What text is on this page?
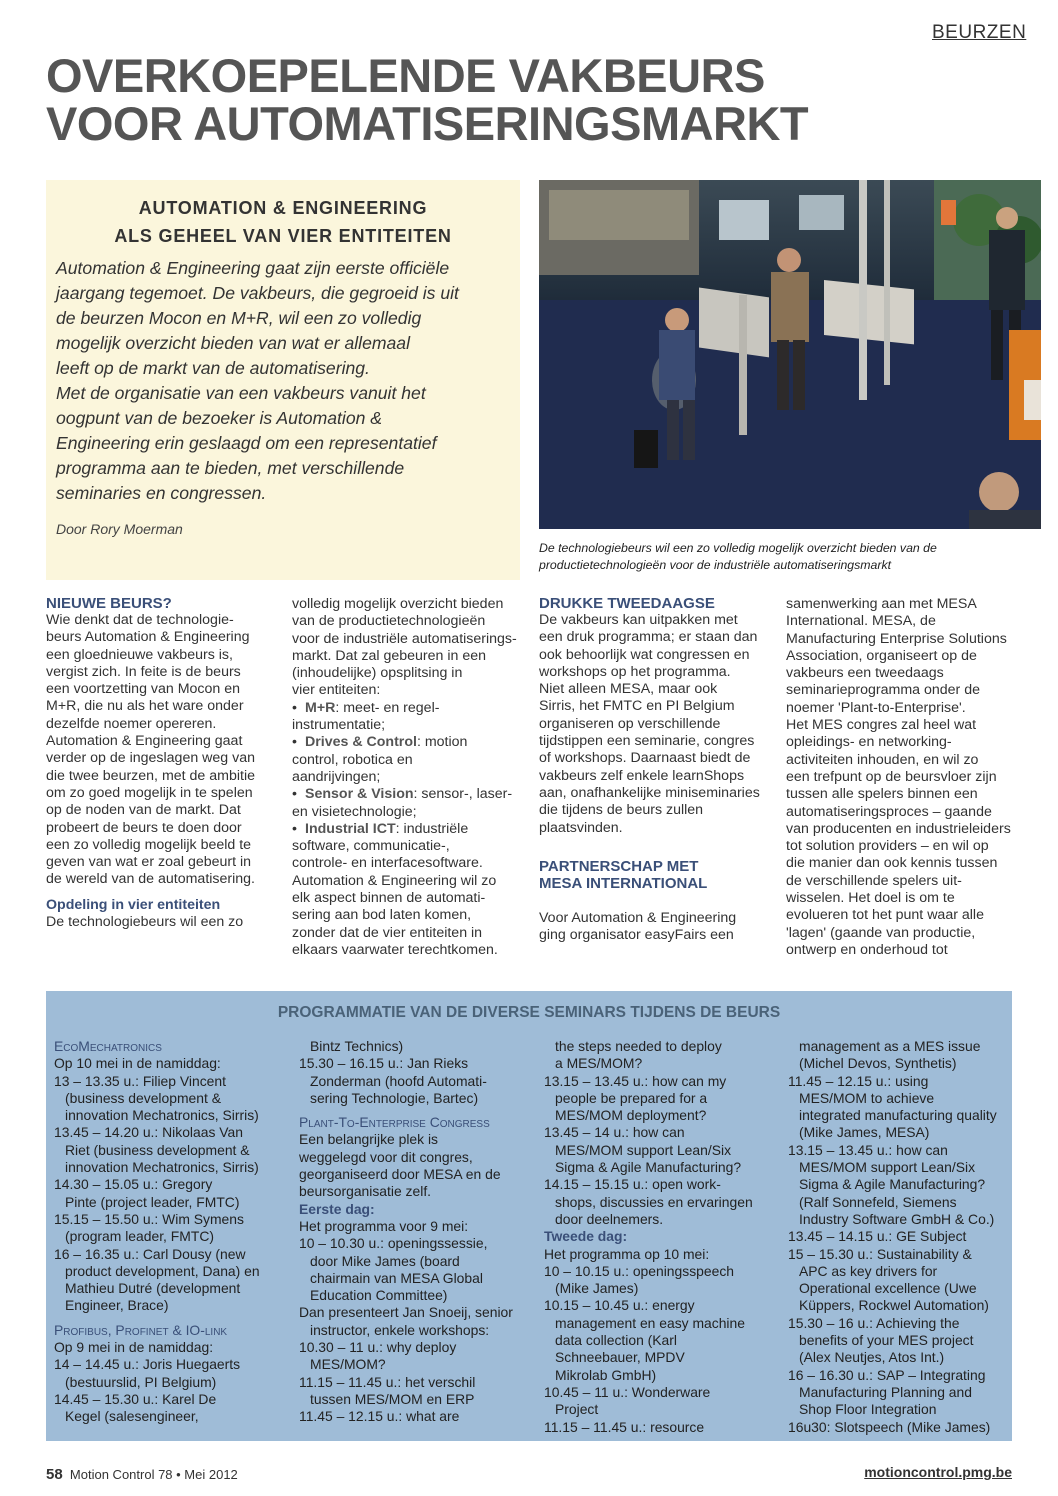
BEURZEN
OVERKOEPELENDE VAKBEURS
VOOR AUTOMATISERINGSMARKT
AUTOMATION & ENGINEERING
ALS GEHEEL VAN VIER ENTITEITEN

Automation & Engineering gaat zijn eerste officiële

jaargang tegemoet. De vakbeurs, die gegroeid is uit

de beurzen Mocon en M+R, wil een zo volledig

mogelijk overzicht bieden van wat er allemaal

leeft op de markt van de automatisering.

Met de organisatie van een vakbeurs vanuit het

oogpunt van de bezoeker is Automation &

Engineering erin geslaagd om een representatief

programma aan te bieden, met verschillende

seminaries en congressen.

Door Rory Moerman
De technologiebeurs wil een zo volledig mogelijk overzicht bieden van de
productietechnologieën voor de industriële automatiseringsmarkt

NIEUWE BEURS?

Wie denkt dat de technologie-

beurs Automation & Engineering

een gloednieuwe vakbeurs is,

vergist zich. In feite is de beurs

een voortzetting van Mocon en

M+R, die nu als het ware onder

dezelfde noemer opereren.

Automation & Engineering gaat

verder op de ingeslagen weg van

die twee beurzen, met de ambitie

om zo goed mogelijk in te spelen

op de noden van de markt. Dat

probeert de beurs te doen door

een zo volledig mogelijk beeld te

geven van wat er zoal gebeurt in

de wereld van de automatisering.

Opdeling in vier entiteiten

De technologiebeurs wil een zo

volledig mogelijk overzicht bieden

van de productietechnologieën

voor de industriële automatiserings-

markt. Dat zal gebeuren in een

(inhoudelijke) opsplitsing in

vier entiteiten:

• M+R: meet- en regel-
instrumentatie;
• Drives & Control: motion
control, robotica en
aandrijvingen;
• Sensor & Vision: sensor-, laser-
en visietechnologie;
• Industrial ICT: industriële
software, communicatie-,
controle- en interfacesoftware.

Automation & Engineering wil zo

elk aspect binnen de automati-

sering aan bod laten komen,

zonder dat de vier entiteiten in

elkaars vaarwater terechtkomen.

DRUKKE TWEEDAAGSE

De vakbeurs kan uitpakken met

een druk programma; er staan dan

ook behoorlijk wat congressen en

workshops op het programma.

Niet alleen MESA, maar ook

Sirris, het FMTC en PI Belgium

organiseren op verschillende

tijdstippen een seminarie, congres

of workshops. Daarnaast biedt de

vakbeurs zelf enkele learnShops

aan, onafhankelijke miniseminaries

die tijdens de beurs zullen

plaatsvinden.

PARTNERSCHAP MET
MESA INTERNATIONAL

Voor Automation & Engineering

ging organisator easyFairs een

samenwerking aan met MESA

International. MESA, de

Manufacturing Enterprise Solutions

Association, organiseert op de

vakbeurs een tweedaags

seminarieprogramma onder de

noemer 'Plant-to-Enterprise'.

Het MES congres zal heel wat

opleidings- en networking-

activiteiten inhouden, en wil zo

een trefpunt op de beursvloer zijn

tussen alle spelers binnen een

automatiseringsproces – gaande

van producenten en industrieleiders

tot solution providers – en wil op

die manier dan ook kennis tussen

de verschillende spelers uit-

wisselen. Het doel is om te

evolueren tot het punt waar alle

'lagen' (gaande van productie,

ontwerp en onderhoud tot

PROGRAMMATIE VAN DE DIVERSE SEMINARS TIJDENS DE BEURS

EcoMechatronics

Op 10 mei in de namiddag:

13 – 13.35 u.: Filiep Vincent

(business development &

innovation Mechatronics, Sirris)

13.45 – 14.20 u.: Nikolaas Van

Riet (business development &

innovation Mechatronics, Sirris)

14.30 – 15.05 u.: Gregory

Pinte (project leader, FMTC)

15.15 – 15.50 u.: Wim Symens

(program leader, FMTC)

16 – 16.35 u.: Carl Dousy (new

product development, Dana) en

Mathieu Dutré (development

Engineer, Brace)

Profibus, Profinet & IO-link

Op 9 mei in de namiddag:

14 – 14.45 u.: Joris Huegaerts

(bestuurslid, PI Belgium)

14.45 – 15.30 u.: Karel De

Kegel (salesengineer,

Bintz Technics)

15.30 – 16.15 u.: Jan Rieks

Zonderman (hoofd Automati-

sering Technologie, Bartec)

Plant-To-Enterprise Congress

Een belangrijke plek is

weggelegd voor dit congres,

georganiseerd door MESA en de

beursorganisatie zelf.

Eerste dag:

Het programma voor 9 mei:

10 – 10.30 u.: openingssessie,

door Mike James (board

chairmain van MESA Global

Education Committee)

Dan presenteert Jan Snoeij, senior

instructor, enkele workshops:

10.30 – 11 u.: why deploy

MES/MOM?

11.15 – 11.45 u.: het verschil

tussen MES/MOM en ERP

11.45 – 12.15 u.: what are

the steps needed to deploy

a MES/MOM?

13.15 – 13.45 u.: how can my

people be prepared for a

MES/MOM deployment?

13.45 – 14 u.: how can

MES/MOM support Lean/Six

Sigma & Agile Manufacturing?

14.15 – 15.15 u.: open work-

shops, discussies en ervaringen

door deelnemers.

Tweede dag:

Het programma op 10 mei:

10 – 10.15 u.: openingsspeech

(Mike James)

10.15 – 10.45 u.: energy

management en easy machine

data collection (Karl

Schneebauer, MPDV

Mikrolab GmbH)

10.45 – 11 u.: Wonderware

Project

11.15 – 11.45 u.: resource

management as a MES issue

(Michel Devos, Synthetis)

11.45 – 12.15 u.: using

MES/MOM to achieve

integrated manufacturing quality

(Mike James, MESA)

13.15 – 13.45 u.: how can

MES/MOM support Lean/Six

Sigma & Agile Manufacturing?

(Ralf Sonnefeld, Siemens

Industry Software GmbH & Co.)

13.45 – 14.15 u.: GE Subject

15 – 15.30 u.: Sustainability &

APC as key drivers for

Operational excellence (Uwe

Küppers, Rockwel Automation)

15.30 – 16 u.: Achieving the

benefits of your MES project

(Alex Neutjes, Atos Int.)

16 – 16.30 u.: SAP – Integrating

Manufacturing Planning and

Shop Floor Integration

16u30: Slotspeech (Mike James)

58 Motion Control 78 • Mei 2012	motioncontrol.pmg.be
